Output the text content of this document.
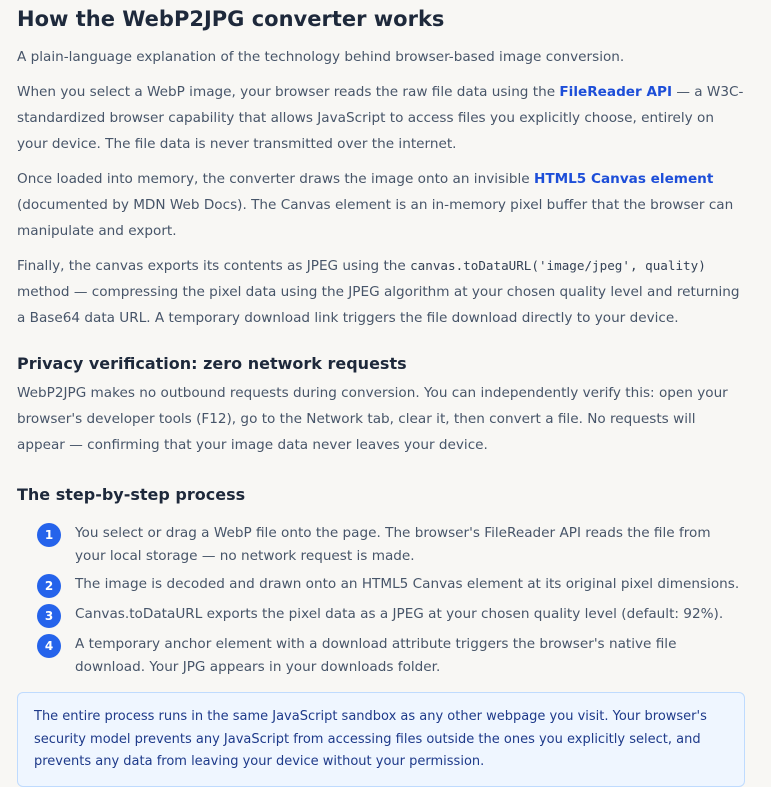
How the WebP2JPG converter works

A plain-language explanation of the technology behind browser-based image conversion.

When you select a WebP image, your browser reads the raw file data using the FileReader API — a W3C-standardized browser capability that allows JavaScript to access files you explicitly choose, entirely on your device. The file data is never transmitted over the internet.

Once loaded into memory, the converter draws the image onto an invisible HTML5 Canvas element (documented by MDN Web Docs). The Canvas element is an in-memory pixel buffer that the browser can manipulate and export.

Finally, the canvas exports its contents as JPEG using the canvas.toDataURL('image/jpeg', quality) method — compressing the pixel data using the JPEG algorithm at your chosen quality level and returning a Base64 data URL. A temporary download link triggers the file download directly to your device.

Privacy verification: zero network requests

WebP2JPG makes no outbound requests during conversion. You can independently verify this: open your browser's developer tools (F12), go to the Network tab, clear it, then convert a file. No requests will appear — confirming that your image data never leaves your device.

The step-by-step process
1	You select or drag a WebP file onto the page. The browser's FileReader API reads the file from your local storage — no network request is made.
2	The image is decoded and drawn onto an HTML5 Canvas element at its original pixel dimensions.
3	Canvas.toDataURL exports the pixel data as a JPEG at your chosen quality level (default: 92%).
4	A temporary anchor element with a download attribute triggers the browser's native file download. Your JPG appears in your downloads folder.
The entire process runs in the same JavaScript sandbox as any other webpage you visit. Your browser's security model prevents any JavaScript from accessing files outside the ones you explicitly select, and prevents any data from leaving your device without your permission.
